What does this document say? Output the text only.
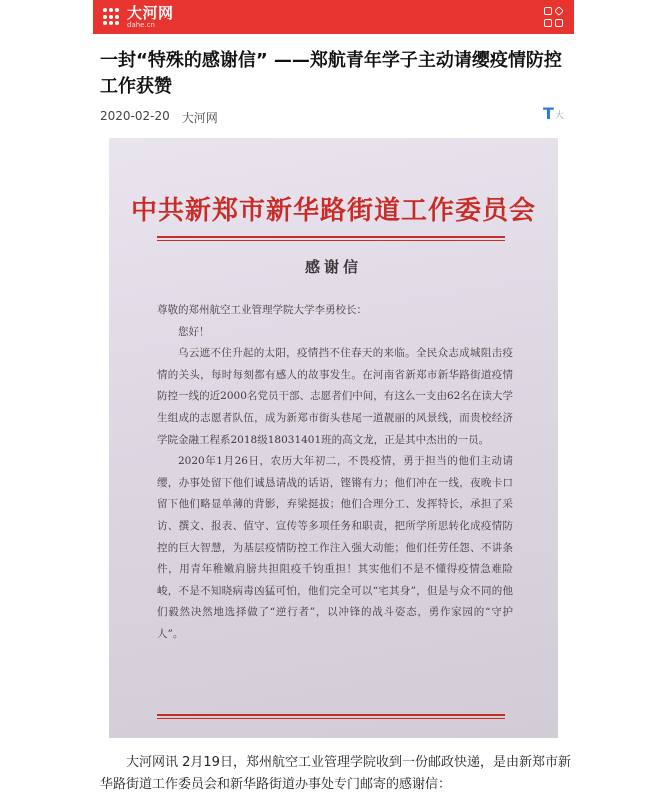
大河网
dahe.cn
一封“特殊的感谢信” ——郑航青年学子主动请缨疫情防控工作获赞
2020-02-20 大河网	T 大
中共新郑市新华路街道工作委员会
感谢信

尊敬的郑州航空工业管理学院大学李勇校长：

您好！

乌云遮不住升起的太阳，疫情挡不住春天的来临。全民众志成城阻击疫情的关头，每时每刻都有感人的故事发生。在河南省新郑市新华路街道疫情防控一线的近2000名党员干部、志愿者们中间，有这么一支由62名在读大学生组成的志愿者队伍，成为新郑市街头巷尾一道靓丽的风景线，而贵校经济学院金融工程系2018级18031401班的高文龙，正是其中杰出的一员。

2020年1月26日，农历大年初二，不畏疫情，勇于担当的他们主动请缨，办事处留下他们诚恳请战的话语，铿锵有力；他们冲在一线，夜晚卡口留下他们略显单薄的背影，弃梁挺拔；他们合理分工、发挥特长，承担了采访、撰文、报表、值守、宣传等多项任务和职责，把所学所思转化成疫情防控的巨大智慧，为基层疫情防控工作注入强大动能；他们任劳任怨、不讲条件，用青年稚嫩肩膀共担阻疫千钧重担！其实他们不是不懂得疫情急难险峻，不是不知晓病毒凶猛可怕，他们完全可以“宅其身”，但是与众不同的他们毅然决然地选择做了“逆行者”，以冲锋的战斗姿态，勇作家园的“守护人”。

大河网讯 2月19日，郑州航空工业管理学院收到一份邮政快递，是由新郑市新华路街道工作委员会和新华路街道办事处专门邮寄的感谢信：
